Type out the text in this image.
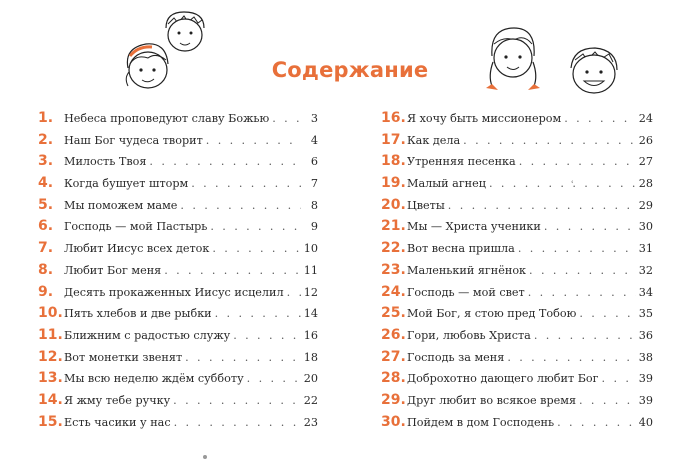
Содержание
1. Небеса проповедуют славу Божью . . .	3
2. Наш Бог чудеса творит . . .	4
3. Милость Твоя . . .	6
4. Когда бушует шторм . . .	7
5. Мы поможем маме . . .	8
6. Господь — мой Пастырь . . .	9
7. Любит Иисус всех деток . . .	10
8. Любит Бог меня . . .	11
9. Десять прокаженных Иисус исцелил . . . 12
10. Пять хлебов и две рыбки . . .	14
11. Ближним с радостью служу . . .	16
12. Вот монетки звенят . . .	18
13. Мы всю неделю ждём субботу . . .	20
14. Я жму тебе ручку . . .	22
15. Есть часики у нас . . .	23
16. Я хочу быть миссионером . . .	24
17. Как дела . . .	26
18. Утренняя песенка . . .	27
19. Малый агнец . . .	28
20. Цветы . . .	29
21. Мы — Христа ученики . . .	30
22. Вот весна пришла . . .	31
23. Маленький ягнёнок . . .	32
24. Господь — мой свет . . .	34
25. Мой Бог, я стою пред Тобою . . .	35
26. Гори, любовь Христа . . .	36
27. Господь за меня . . .	38
28. Доброхотно дающего любит Бог . . .	39
29. Друг любит во всякое время . . .	39
30. Пойдем в дом Господень . . .	40
ʿ
